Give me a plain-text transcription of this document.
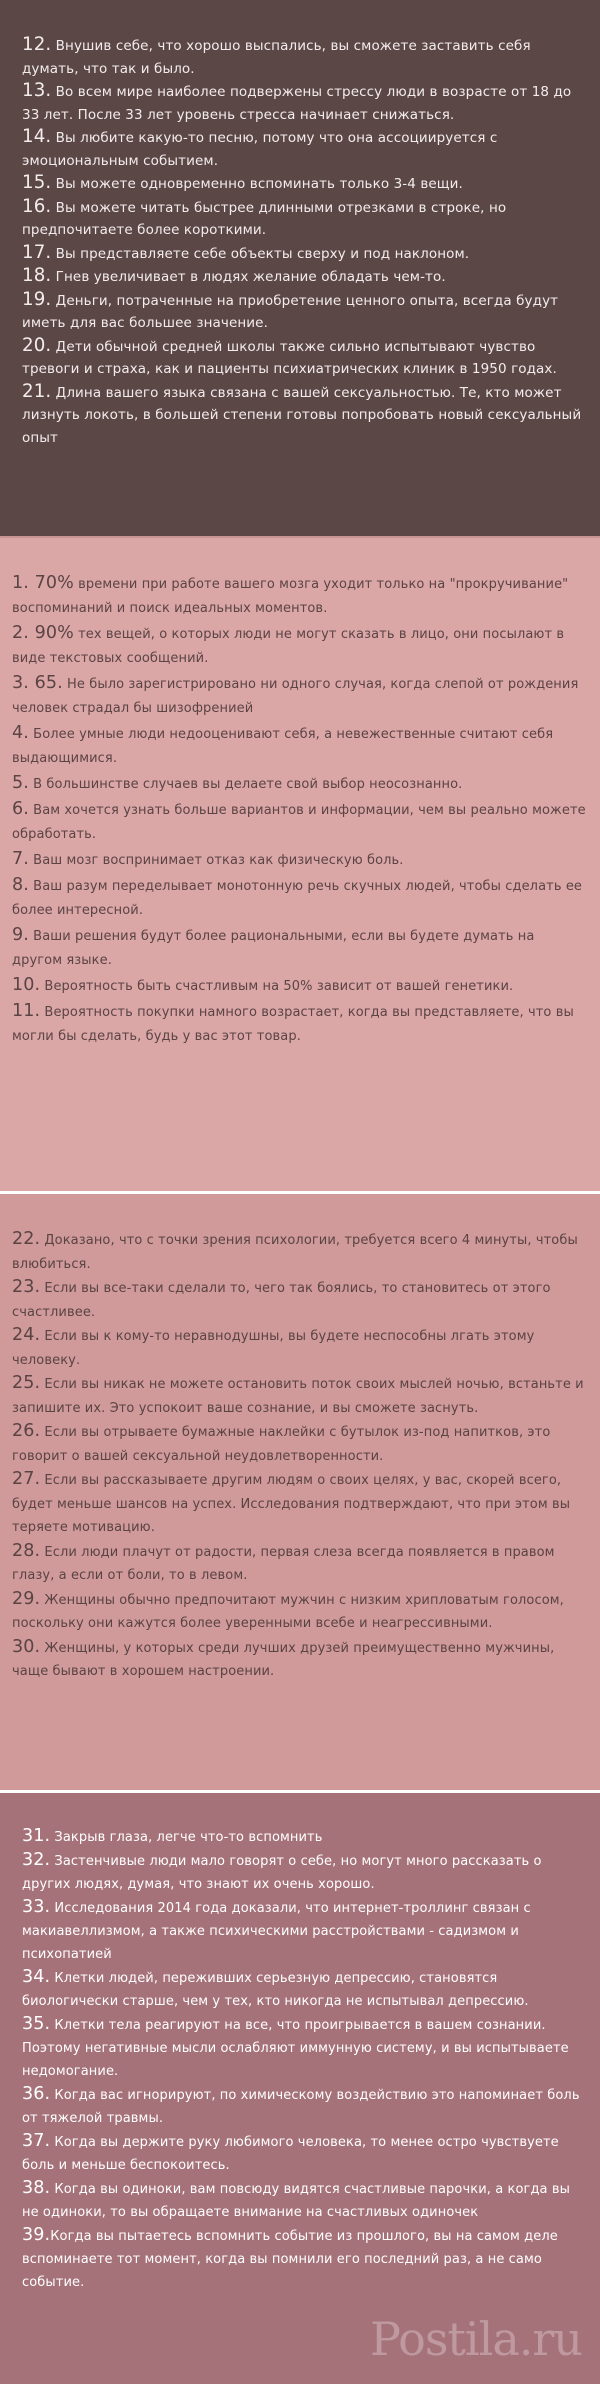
12. Внушив себе, что хорошо выспались, вы сможете заставить себя думать, что так и было.
13. Во всем мире наиболее подвержены стрессу люди в возрасте от 18 до 33 лет. После 33 лет уровень стресса начинает снижаться.
14. Вы любите какую-то песню, потому что она ассоциируется с эмоциональным событием.
15. Вы можете одновременно вспоминать только 3-4 вещи.
16. Вы можете читать быстрее длинными отрезками в строке, но предпочитаете более короткими.
17. Вы представляете себе объекты сверху и под наклоном.
18. Гнев увеличивает в людях желание обладать чем-то.
19. Деньги, потраченные на приобретение ценного опыта, всегда будут иметь для вас большее значение.
20. Дети обычной средней школы также сильно испытывают чувство тревоги и страха, как и пациенты психиатрических клиник в 1950 годах.
21. Длина вашего языка связана с вашей сексуальностью. Те, кто может лизнуть локоть, в большей степени готовы попробовать новый сексуальный опыт
1. 70% времени при работе вашего мозга уходит только на "прокручивание" воспоминаний и поиск идеальных моментов.
2. 90% тех вещей, о которых люди не могут сказать в лицо, они посылают в виде текстовых сообщений.
3. 65. Не было зарегистрировано ни одного случая, когда слепой от рождения человек страдал бы шизофренией
4. Более умные люди недооценивают себя, а невежественные считают себя выдающимися.
5. В большинстве случаев вы делаете свой выбор неосознанно.
6. Вам хочется узнать больше вариантов и информации, чем вы реально можете обработать.
7. Ваш мозг воспринимает отказ как физическую боль.
8. Ваш разум переделывает монотонную речь скучных людей, чтобы сделать ее более интересной.
9. Ваши решения будут более рациональными, если вы будете думать на другом языке.
10. Вероятность быть счастливым на 50% зависит от вашей генетики.
11. Вероятность покупки намного возрастает, когда вы представляете, что вы могли бы сделать, будь у вас этот товар.
22. Доказано, что с точки зрения психологии, требуется всего 4 минуты, чтобы влюбиться.
23. Если вы все-таки сделали то, чего так боялись, то становитесь от этого счастливее.
24. Если вы к кому-то неравнодушны, вы будете неспособны лгать этому человеку.
25. Если вы никак не можете остановить поток своих мыслей ночью, встаньте и запишите их. Это успокоит ваше сознание, и вы сможете заснуть.
26. Если вы отрываете бумажные наклейки с бутылок из-под напитков, это говорит о вашей сексуальной неудовлетворенности.
27. Если вы рассказываете другим людям о своих целях, у вас, скорей всего, будет меньше шансов на успех. Исследования подтверждают, что при этом вы теряете мотивацию.
28. Если люди плачут от радости, первая слеза всегда появляется в правом глазу, а если от боли, то в левом.
29. Женщины обычно предпочитают мужчин с низким хрипловатым голосом, поскольку они кажутся более уверенными всебе и неагрессивными.
30. Женщины, у которых среди лучших друзей преимущественно мужчины, чаще бывают в хорошем настроении.
31. Закрыв глаза, легче что-то вспомнить
32. Застенчивые люди мало говорят о себе, но могут много рассказать о других людях, думая, что знают их очень хорошо.
33. Исследования 2014 года доказали, что интернет-троллинг связан с макиавеллизмом, а также психическими расстройствами - садизмом и психопатией
34. Клетки людей, переживших серьезную депрессию, становятся биологически старше, чем у тех, кто никогда не испытывал депрессию.
35. Клетки тела реагируют на все, что проигрывается в вашем сознании. Поэтому негативные мысли ослабляют иммунную систему, и вы испытываете недомогание.
36. Когда вас игнорируют, по химическому воздействию это напоминает боль от тяжелой травмы.
37. Когда вы держите руку любимого человека, то менее остро чувствуете боль и меньше беспокоитесь.
38. Когда вы одиноки, вам повсюду видятся счастливые парочки, а когда вы не одиноки, то вы обращаете внимание на счастливых одиночек
39.Когда вы пытаетесь вспомнить событие из прошлого, вы на самом деле вспоминаете тот момент, когда вы помнили его последний раз, а не само событие.
Postila.ru
